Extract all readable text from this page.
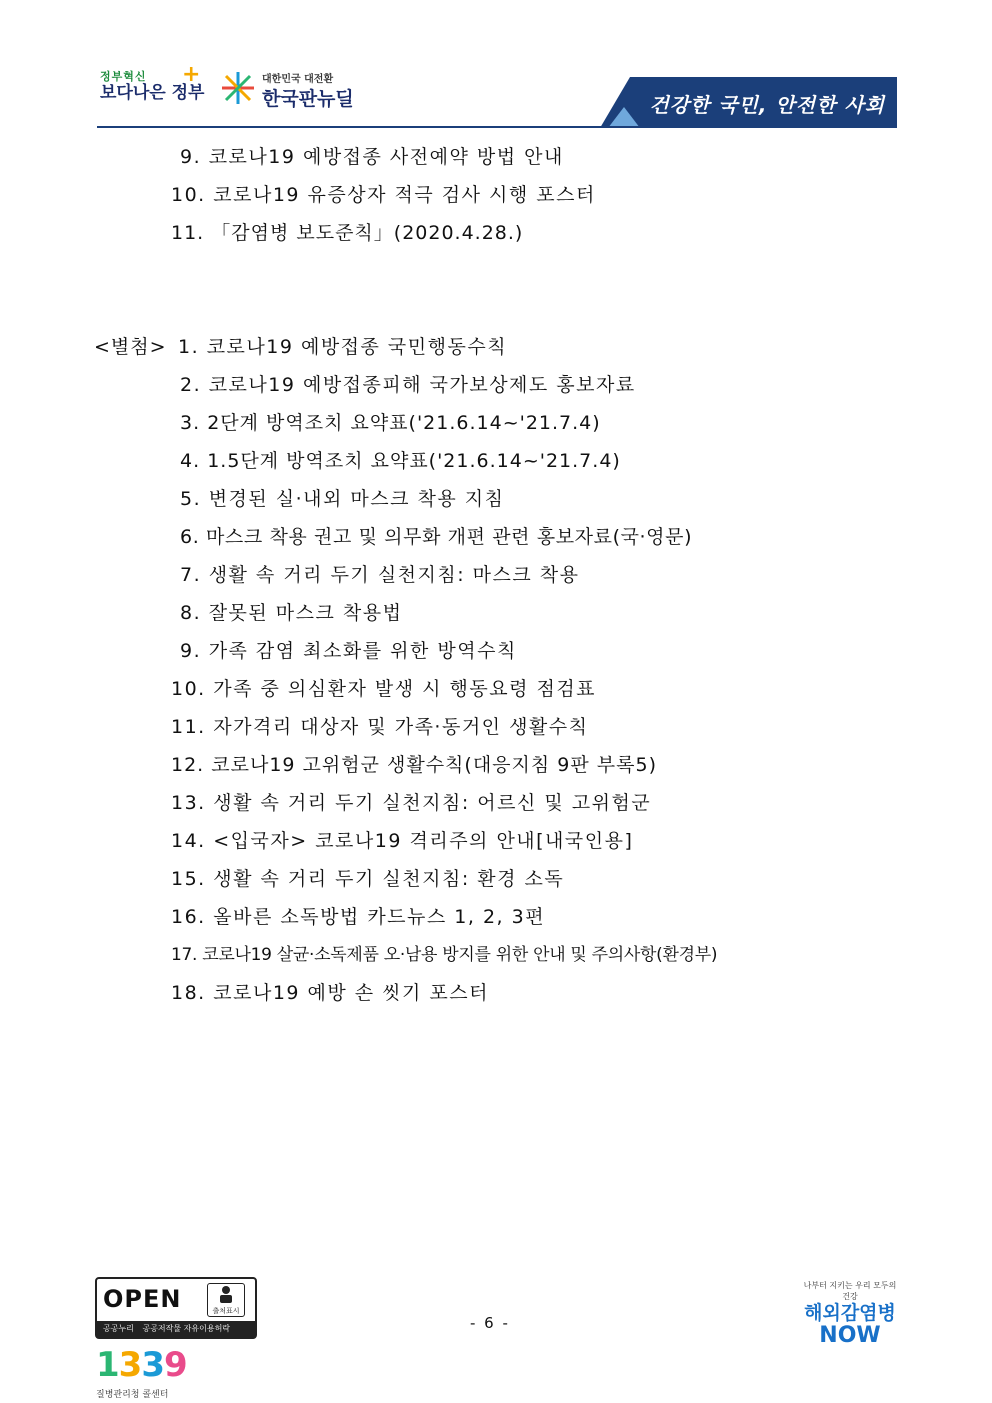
정부혁신
보다나은 정부
+	대한민국 대전환
한국판뉴딜	건강한 국민, 안전한 사회
9. 코로나19 예방접종 사전예약 방법 안내
10. 코로나19 유증상자 적극 검사 시행 포스터
11. 「감염병 보도준칙」(2020.4.28.)
<별첨> 1. 코로나19 예방접종 국민행동수칙
2. 코로나19 예방접종피해 국가보상제도 홍보자료
3. 2단계 방역조치 요약표('21.6.14~'21.7.4)
4. 1.5단계 방역조치 요약표('21.6.14~'21.7.4)
5. 변경된 실·내외 마스크 착용 지침
6. 마스크 착용 권고 및 의무화 개편 관련 홍보자료(국·영문)
7. 생활 속 거리 두기 실천지침: 마스크 착용
8. 잘못된 마스크 착용법
9. 가족 감염 최소화를 위한 방역수칙
10. 가족 중 의심환자 발생 시 행동요령 점검표
11. 자가격리 대상자 및 가족·동거인 생활수칙
12. 코로나19 고위험군 생활수칙(대응지침 9판 부록5)
13. 생활 속 거리 두기 실천지침: 어르신 및 고위험군
14. <입국자> 코로나19 격리주의 안내[내국인용]
15. 생활 속 거리 두기 실천지침: 환경 소독
16. 올바른 소독방법 카드뉴스 1, 2, 3편
17. 코로나19 살균·소독제품 오·남용 방지를 위한 안내 및 주의사항(환경부)
18. 코로나19 예방 손 씻기 포스터
OPEN	출처표시
공공누리 공공저작물 자유이용허락	- 6 -
1339
질병관리청 콜센터
나부터 지키는 우리 모두의 건강
해외감염병
NOW
